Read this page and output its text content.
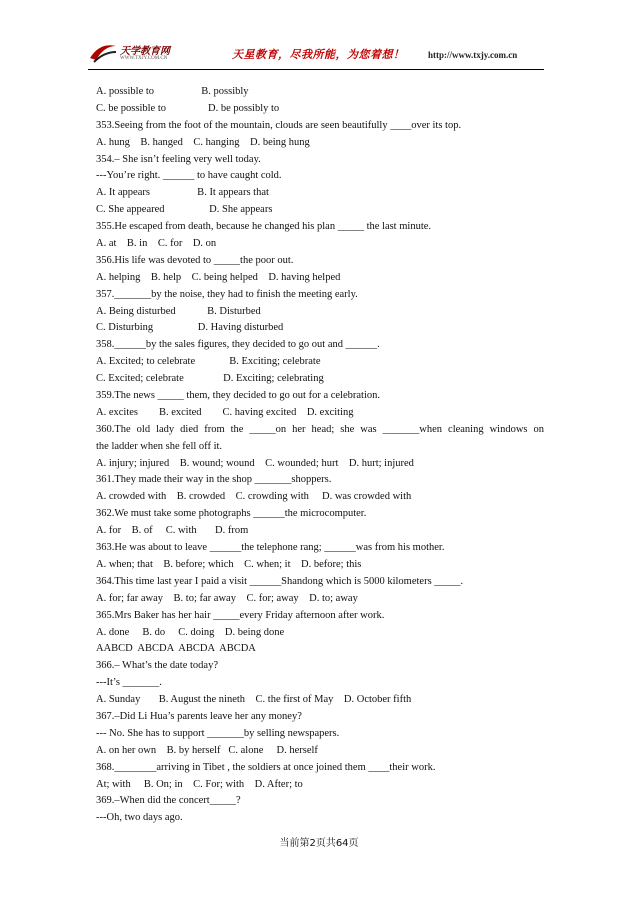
天学教育网
WWW.TXJY.COM.CN	天星教育，尽我所能，为您着想！	http://www.txjy.com.cn
A. possible to                  B. possibly
C. be possible to                D. be possibly to
353.Seeing from the foot of the mountain, clouds are seen beautifully ____over its top.
A. hung    B. hanged    C. hanging    D. being hung
354.– She isn’t feeling very well today.
---You’re right. ______ to have caught cold.
A. It appears                  B. It appears that
C. She appeared                 D. She appears
355.He escaped from death, because he changed his plan _____ the last minute.
A. at    B. in    C. for    D. on
356.His life was devoted to _____the poor out.
A. helping    B. help    C. being helped    D. having helped
357._______by the noise, they had to finish the meeting early.
A. Being disturbed            B. Disturbed
C. Disturbing                 D. Having disturbed
358.______by the sales figures, they decided to go out and ______.
A. Excited; to celebrate             B. Exciting; celebrate
C. Excited; celebrate               D. Exciting; celebrating
359.The news _____ them, they decided to go out for a celebration.
A. excites        B. excited        C. having excited    D. exciting
360.The old lady died from the _____on her head; she was _______when cleaning windows on
the ladder when she fell off it.
A. injury; injured    B. wound; wound    C. wounded; hurt    D. hurt; injured
361.They made their way in the shop _______shoppers.
A. crowded with    B. crowded    C. crowding with     D. was crowded with
362.We must take some photographs ______the microcomputer.
A. for    B. of     C. with       D. from
363.He was about to leave ______the telephone rang; ______was from his mother.
A. when; that    B. before; which    C. when; it    D. before; this
364.This time last year I paid a visit ______Shandong which is 5000 kilometers _____.
A. for; far away    B. to; far away    C. for; away    D. to; away
365.Mrs Baker has her hair _____every Friday afternoon after work.
A. done     B. do     C. doing    D. being done
AABCD  ABCDA  ABCDA  ABCDA
366.– What’s the date today?
---It’s _______.
A. Sunday       B. August the nineth    C. the first of May    D. October fifth
367.–Did Li Hua’s parents leave her any money?
--- No. She has to support _______by selling newspapers.
A. on her own    B. by herself   C. alone     D. herself
368.________arriving in Tibet , the soldiers at once joined them ____their work.
At; with     B. On; in    C. For; with    D. After; to
369.–When did the concert_____?
---Oh, two days ago.
当前第2页共64页
